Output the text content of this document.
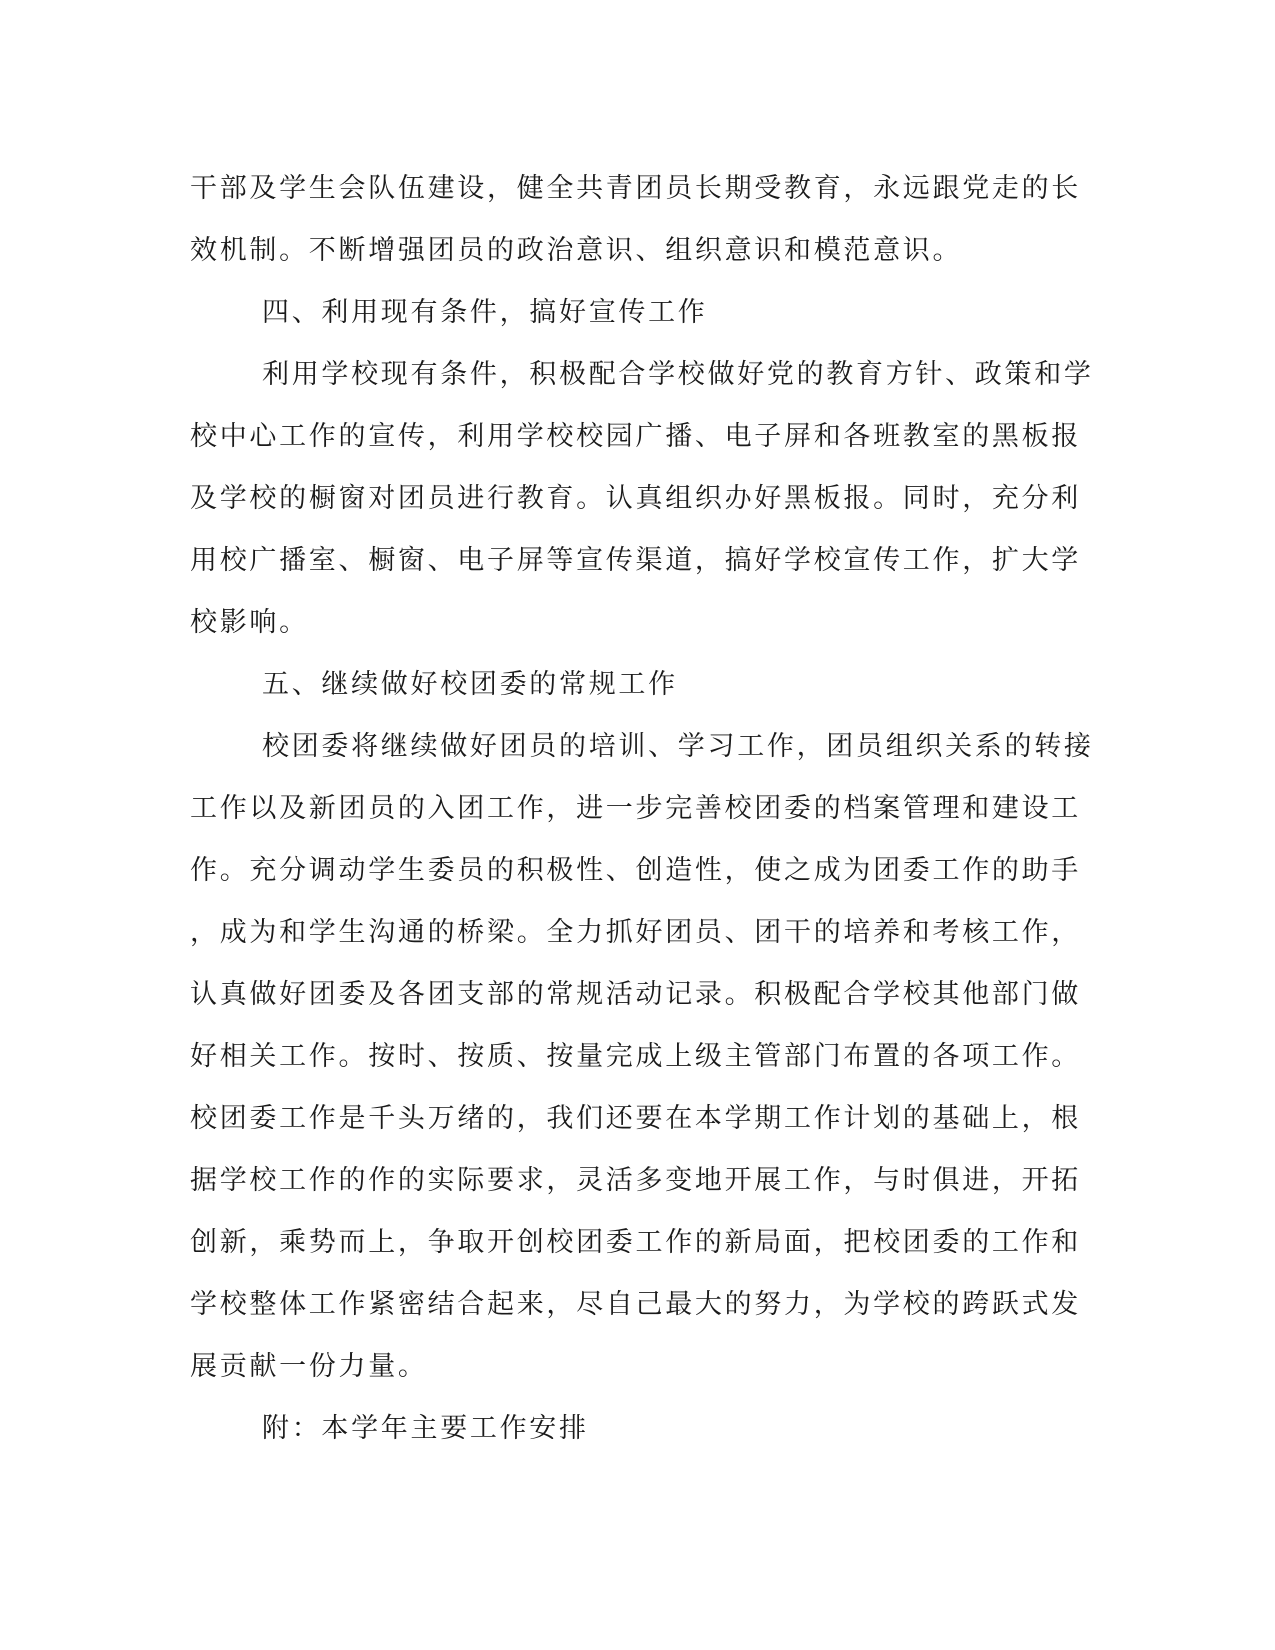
干部及学生会队伍建设，健全共青团员长期受教育，永远跟党走的长
效机制。不断增强团员的政治意识、组织意识和模范意识。
四、利用现有条件，搞好宣传工作
利用学校现有条件，积极配合学校做好党的教育方针、政策和学
校中心工作的宣传，利用学校校园广播、电子屏和各班教室的黑板报
及学校的橱窗对团员进行教育。认真组织办好黑板报。同时，充分利
用校广播室、橱窗、电子屏等宣传渠道，搞好学校宣传工作，扩大学
校影响。
五、继续做好校团委的常规工作
校团委将继续做好团员的培训、学习工作，团员组织关系的转接
工作以及新团员的入团工作，进一步完善校团委的档案管理和建设工
作。充分调动学生委员的积极性、创造性，使之成为团委工作的助手
，成为和学生沟通的桥梁。全力抓好团员、团干的培养和考核工作，
认真做好团委及各团支部的常规活动记录。积极配合学校其他部门做
好相关工作。按时、按质、按量完成上级主管部门布置的各项工作。
校团委工作是千头万绪的，我们还要在本学期工作计划的基础上，根
据学校工作的作的实际要求，灵活多变地开展工作，与时俱进，开拓
创新，乘势而上，争取开创校团委工作的新局面，把校团委的工作和
学校整体工作紧密结合起来，尽自己最大的努力，为学校的跨跃式发
展贡献一份力量。
附：本学年主要工作安排
